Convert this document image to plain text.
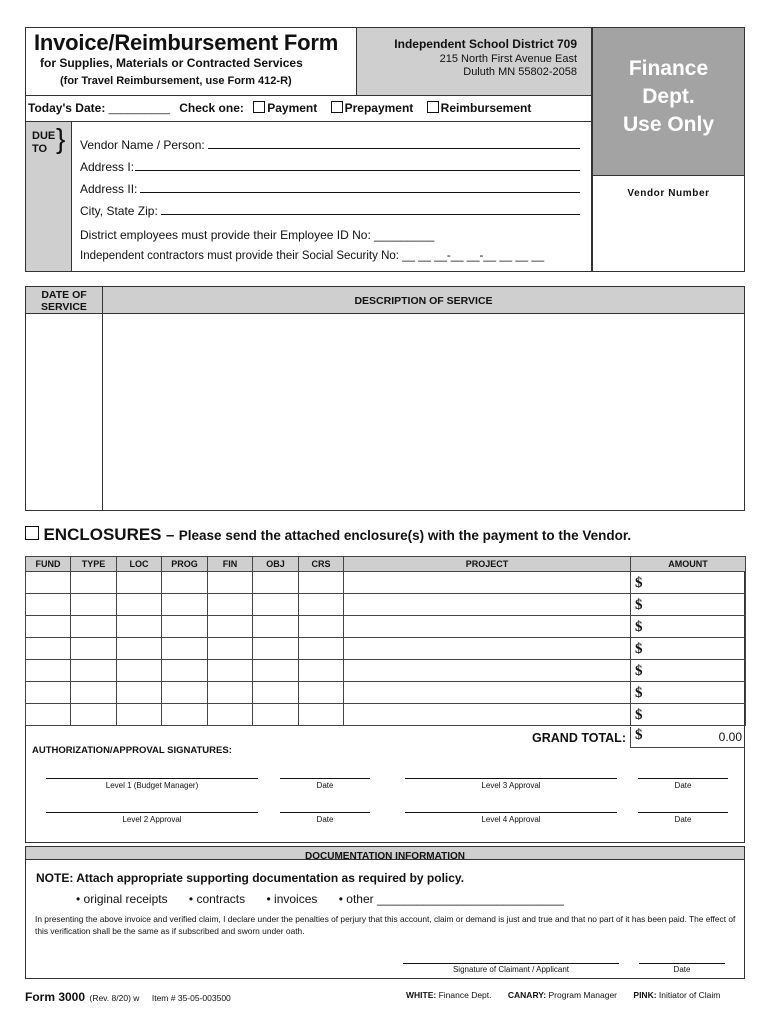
Invoice/Reimbursement Form
for Supplies, Materials or Contracted Services
(for Travel Reimbursement, use Form 412-R)
Independent School District 709
215 North First Avenue East
Duluth MN 55802-2058
Today's Date: __________ Check one: Payment Prepayment Reimbursement
DUE
TO } Vendor Name / Person:
Address I:
Address II:
City, State Zip:
District employees must provide their Employee ID No: _________
Independent contractors must provide their Social Security No: __ __ __-__ __-__ __ __ __
Finance
Dept.
Use Only
Vendor Number
DATE OF
SERVICE	DESCRIPTION OF SERVICE
ENCLOSURES – Please send the attached enclosure(s) with the payment to the Vendor.
FUND	TYPE	LOC	PROG	FIN	OBJ	CRS	PROJECT	AMOUNT
								$
								$
								$
								$
								$
								$
								$
GRAND TOTAL: $	0.00
AUTHORIZATION/APPROVAL SIGNATURES:
Level 1 (Budget Manager)	Date	Level 3 Approval	Date
Level 2 Approval	Date	Level 4 Approval	Date
DOCUMENTATION INFORMATION
NOTE: Attach appropriate supporting documentation as required by policy.
• original receipts • contracts • invoices • other ____________________________
In presenting the above invoice and verified claim, I declare under the penalties of perjury that this account, claim or demand is just and true and that no part of it has been paid. The effect of this verification shall be the same as if subscribed and sworn under oath.
Signature of Claimant / Applicant	Date
Form 3000 (Rev. 8/20) w Item # 35-05-003500	WHITE: Finance Dept. CANARY: Program Manager PINK: Initiator of Claim
